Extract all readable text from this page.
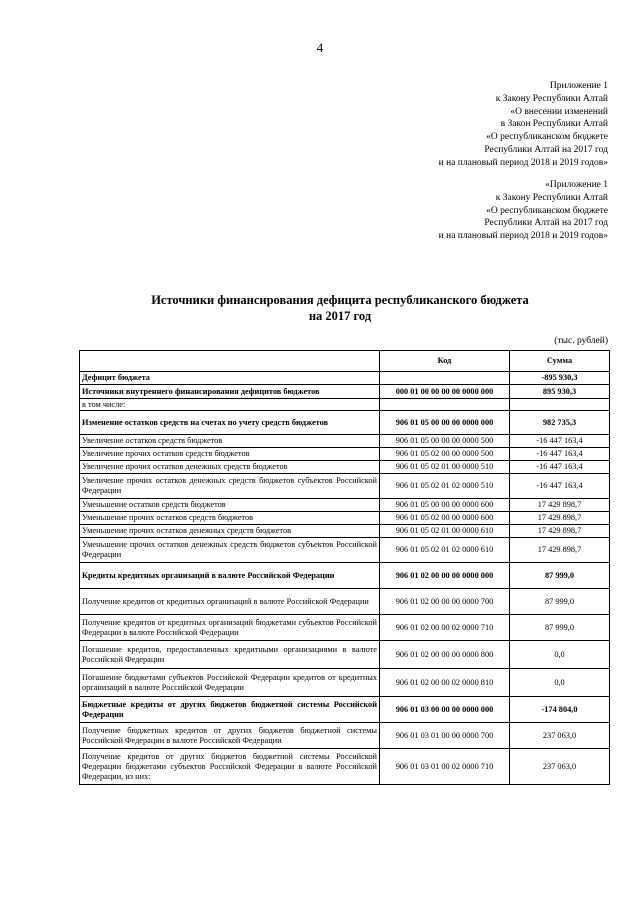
4
Приложение 1
к Закону Республики Алтай
«О внесении изменений
в Закон Республики Алтай
«О республиканском бюджете
Республики Алтай на 2017 год
и на плановый период 2018 и 2019 годов»
«Приложение 1
к Закону Республики Алтай
«О республиканском бюджете
Республики Алтай на 2017 год
и на плановый период 2018 и 2019 годов»
Источники финансирования дефицита республиканского бюджета
на 2017 год
(тыс. рублей)
	Код	Сумма
Дефицит бюджета		-895 930,3
Источники внутреннего финансирования дефицитов бюджетов	000 01 00 00 00 00 0000 000	895 930,3
в том числе:		
Изменение остатков средств на счетах по учету средств бюджетов	906 01 05 00 00 00 0000 000	982 735,3
Увеличение остатков средств бюджетов	906 01 05 00 00 00 0000 500	-16 447 163,4
Увеличение прочих остатков средств бюджетов	906 01 05 02 00 00 0000 500	-16 447 163,4
Увеличение прочих остатков денежных средств бюджетов	906 01 05 02 01 00 0000 510	-16 447 163,4
Увеличение прочих остатков денежных средств бюджетов субъектов Российской Федерации	906 01 05 02 01 02 0000 510	-16 447 163,4
Уменьшение остатков средств бюджетов	906 01 05 00 00 00 0000 600	17 429 898,7
Уменьшение прочих остатков средств бюджетов	906 01 05 02 00 00 0000 600	17 429 898,7
Уменьшение прочих остатков денежных средств бюджетов	906 01 05 02 01 00 0000 610	17 429 898,7
Уменьшение прочих остатков денежных средств бюджетов субъектов Российской Федерации	906 01 05 02 01 02 0000 610	17 429 898,7
Кредиты кредитных организаций в валюте Российской Федерации	906 01 02 00 00 00 0000 000	87 999,0
Получение кредитов от кредитных организаций в валюте Российской Федерации	906 01 02 00 00 00 0000 700	87 999,0
Получение кредитов от кредитных организаций бюджетами субъектов Российской Федерации в валюте Российской Федерации	906 01 02 00 00 02 0000 710	87 999,0
Погашение кредитов, предоставленных кредитными организациями в валюте Российской Федерации	906 01 02 00 00 00 0000 800	0,0
Погашение бюджетами субъектов Российской Федерации кредитов от кредитных организаций в валюте Российской Федерации	906 01 02 00 00 02 0000 810	0,0
Бюджетные кредиты от других бюджетов бюджетной системы Российской Федерации	906 01 03 00 00 00 0000 000	-174 804,0
Получение бюджетных кредитов от других бюджетов бюджетной системы Российской Федерации в валюте Российской Федерации	906 01 03 01 00 00 0000 700	237 063,0
Получение кредитов от других бюджетов бюджетной системы Российской Федерации бюджетами субъектов Российской Федерации в валюте Российской Федерации, из них:	906 01 03 01 00 02 0000 710	237 063,0
